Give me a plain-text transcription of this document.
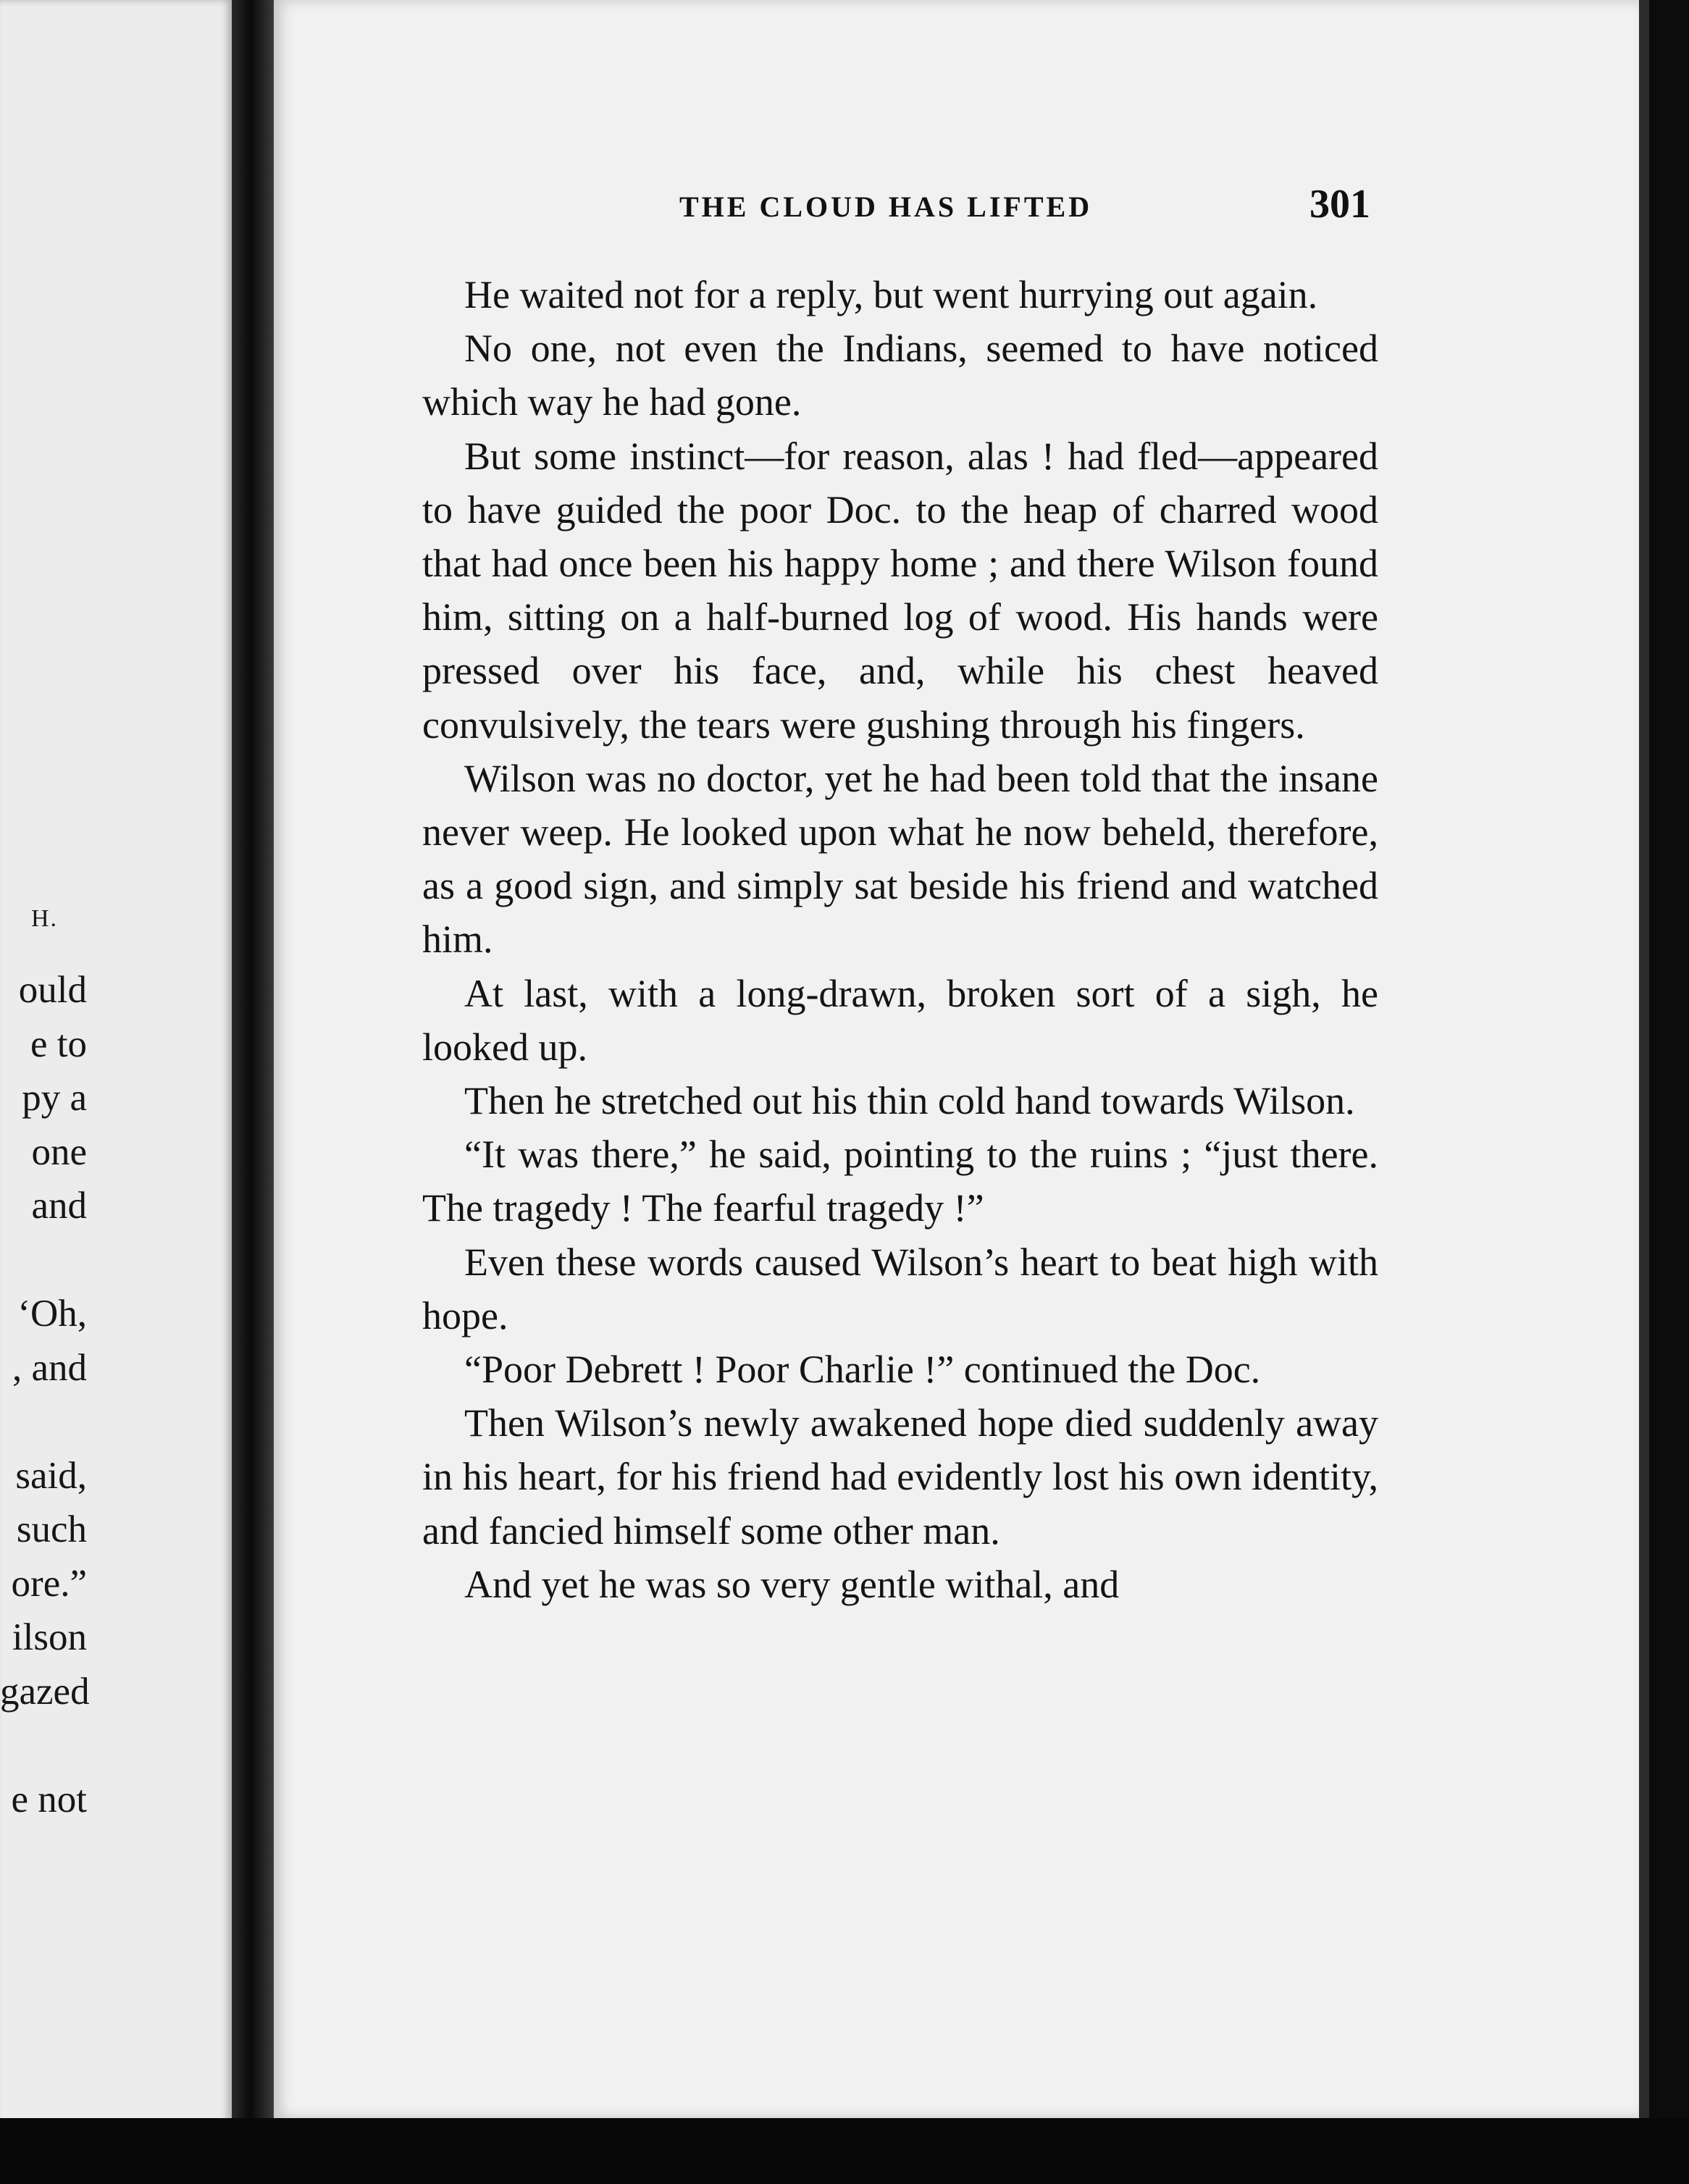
H.
ould
e to
py a
one
and
‘Oh,
, and
said,
such
ore.”
ilson
gazed
e not
THE CLOUD HAS LIFTED	301

He waited not for a reply, but went hurrying out again.

No one, not even the Indians, seemed to have noticed which way he had gone.

But some instinct—for reason, alas ! had fled—appeared to have guided the poor Doc. to the heap of charred wood that had once been his happy home ; and there Wilson found him, sitting on a half-burned log of wood. His hands were pressed over his face, and, while his chest heaved convulsively, the tears were gushing through his fingers.

Wilson was no doctor, yet he had been told that the insane never weep. He looked upon what he now beheld, therefore, as a good sign, and simply sat beside his friend and watched him.

At last, with a long-drawn, broken sort of a sigh, he looked up.

Then he stretched out his thin cold hand towards Wilson.

“It was there,” he said, pointing to the ruins ; “just there. The tragedy ! The fearful tragedy !”

Even these words caused Wilson’s heart to beat high with hope.

“Poor Debrett ! Poor Charlie !” continued the Doc.

Then Wilson’s newly awakened hope died suddenly away in his heart, for his friend had evidently lost his own identity, and fancied himself some other man.

And yet he was so very gentle withal, and
